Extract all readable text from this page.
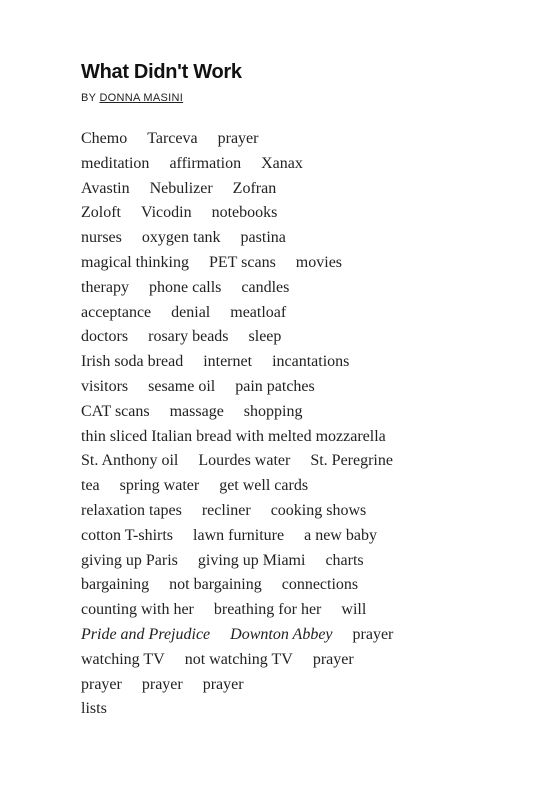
What Didn't Work
BY DONNA MASINI
Chemo Tarceva prayer
meditation affirmation Xanax
Avastin Nebulizer Zofran
Zoloft Vicodin notebooks
nurses oxygen tank pastina
magical thinking PET scans movies
therapy phone calls candles
acceptance denial meatloaf
doctors rosary beads sleep
Irish soda bread internet incantations
visitors sesame oil pain patches
CAT scans massage shopping
thin sliced Italian bread with melted mozzarella
St. Anthony oil Lourdes water St. Peregrine
tea spring water get well cards
relaxation tapes recliner cooking shows
cotton T-shirts lawn furniture a new baby
giving up Paris giving up Miami charts
bargaining not bargaining connections
counting with her breathing for her will
Pride and Prejudice Downton Abbey prayer
watching TV not watching TV prayer
prayer prayer prayer
lists
